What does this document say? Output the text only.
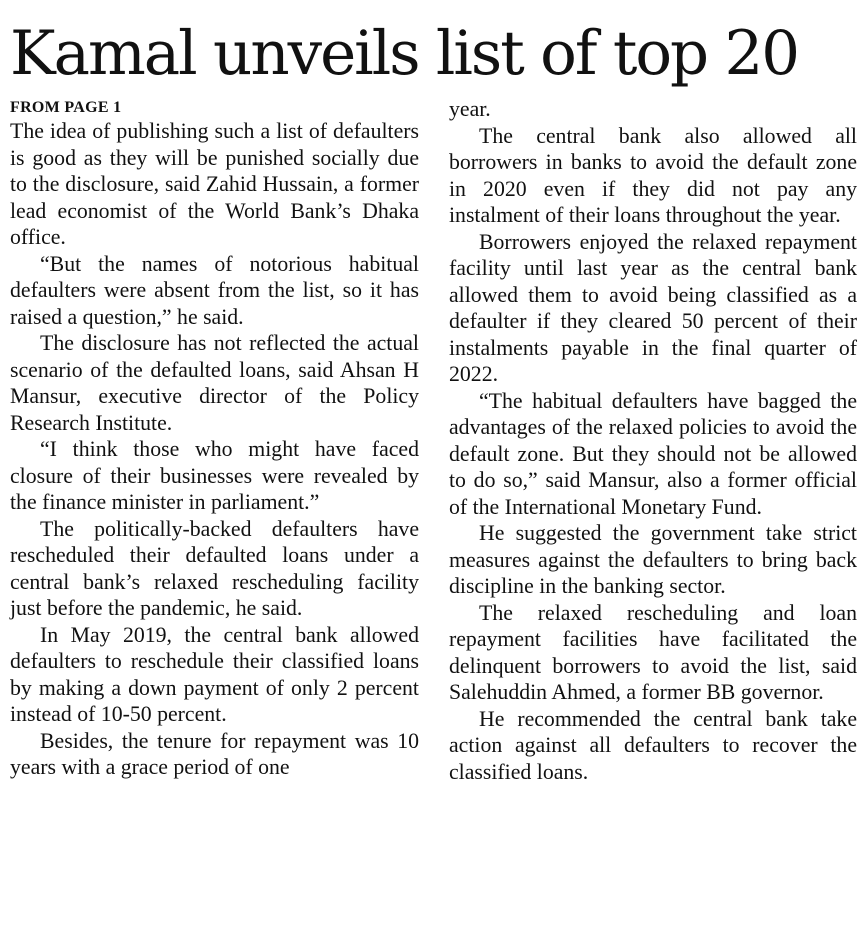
Kamal unveils list of top 20
FROM PAGE 1

The idea of publishing such a list of defaulters is good as they will be punished socially due to the disclosure, said Zahid Hussain, a former lead economist of the World Bank’s Dhaka office.

“But the names of notorious habitual defaulters were absent from the list, so it has raised a question,” he said.

The disclosure has not reflected the actual scenario of the defaulted loans, said Ahsan H Mansur, executive director of the Policy Research Institute.

“I think those who might have faced closure of their businesses were revealed by the finance minister in parliament.”

The politically-backed defaulters have rescheduled their defaulted loans under a central bank’s relaxed rescheduling facility just before the pandemic, he said.

In May 2019, the central bank allowed defaulters to reschedule their classified loans by making a down payment of only 2 percent instead of 10-50 percent.

Besides, the tenure for repayment was 10 years with a grace period of one

year.

The central bank also allowed all borrowers in banks to avoid the default zone in 2020 even if they did not pay any instalment of their loans throughout the year.

Borrowers enjoyed the relaxed repayment facility until last year as the central bank allowed them to avoid being classified as a defaulter if they cleared 50 percent of their instalments payable in the final quarter of 2022.

“The habitual defaulters have bagged the advantages of the relaxed policies to avoid the default zone. But they should not be allowed to do so,” said Mansur, also a former official of the International Monetary Fund.

He suggested the government take strict measures against the defaulters to bring back discipline in the banking sector.

The relaxed rescheduling and loan repayment facilities have facilitated the delinquent borrowers to avoid the list, said Salehuddin Ahmed, a former BB governor.

He recommended the central bank take action against all defaulters to recover the classified loans.
